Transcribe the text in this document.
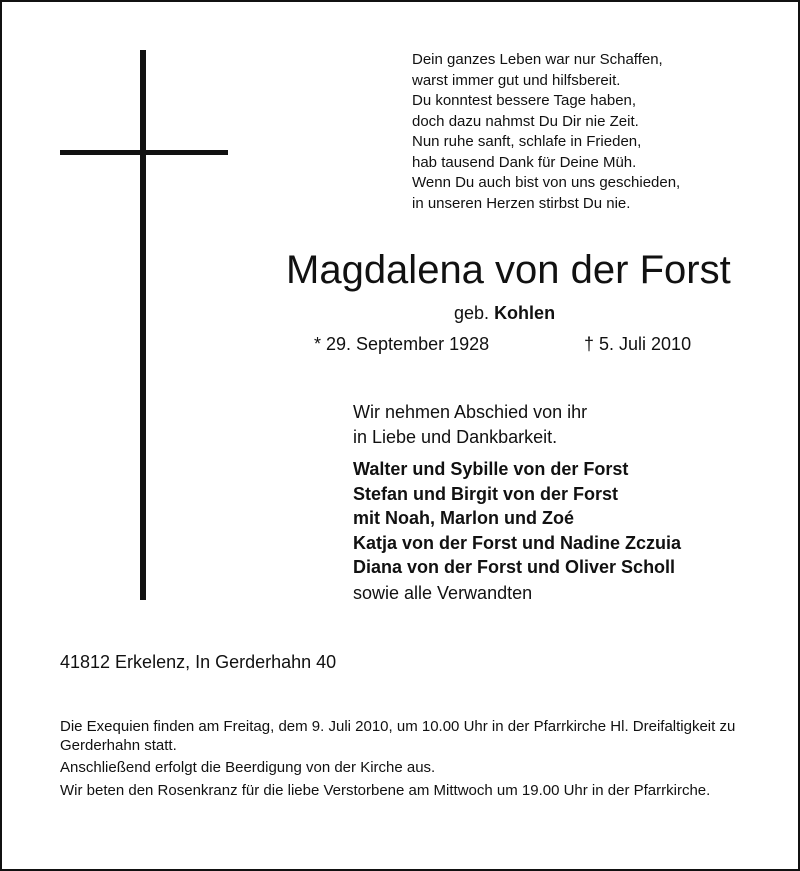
Dein ganzes Leben war nur Schaffen,
warst immer gut und hilfsbereit.
Du konntest bessere Tage haben,
doch dazu nahmst Du Dir nie Zeit.
Nun ruhe sanft, schlafe in Frieden,
hab tausend Dank für Deine Müh.
Wenn Du auch bist von uns geschieden,
in unseren Herzen stirbst Du nie.
Magdalena von der Forst
geb. Kohlen
* 29. September 1928	† 5. Juli 2010
Wir nehmen Abschied von ihr
in Liebe und Dankbarkeit.
Walter und Sybille von der Forst
Stefan und Birgit von der Forst
mit Noah, Marlon und Zoé
Katja von der Forst und Nadine Zczuia
Diana von der Forst und Oliver Scholl
sowie alle Verwandten
41812 Erkelenz, In Gerderhahn 40
Die Exequien finden am Freitag, dem 9. Juli 2010, um 10.00 Uhr in der Pfarrkirche Hl. Dreifaltigkeit zu Gerderhahn statt.
Anschließend erfolgt die Beerdigung von der Kirche aus.
Wir beten den Rosenkranz für die liebe Verstorbene am Mittwoch um 19.00 Uhr in der Pfarrkirche.
